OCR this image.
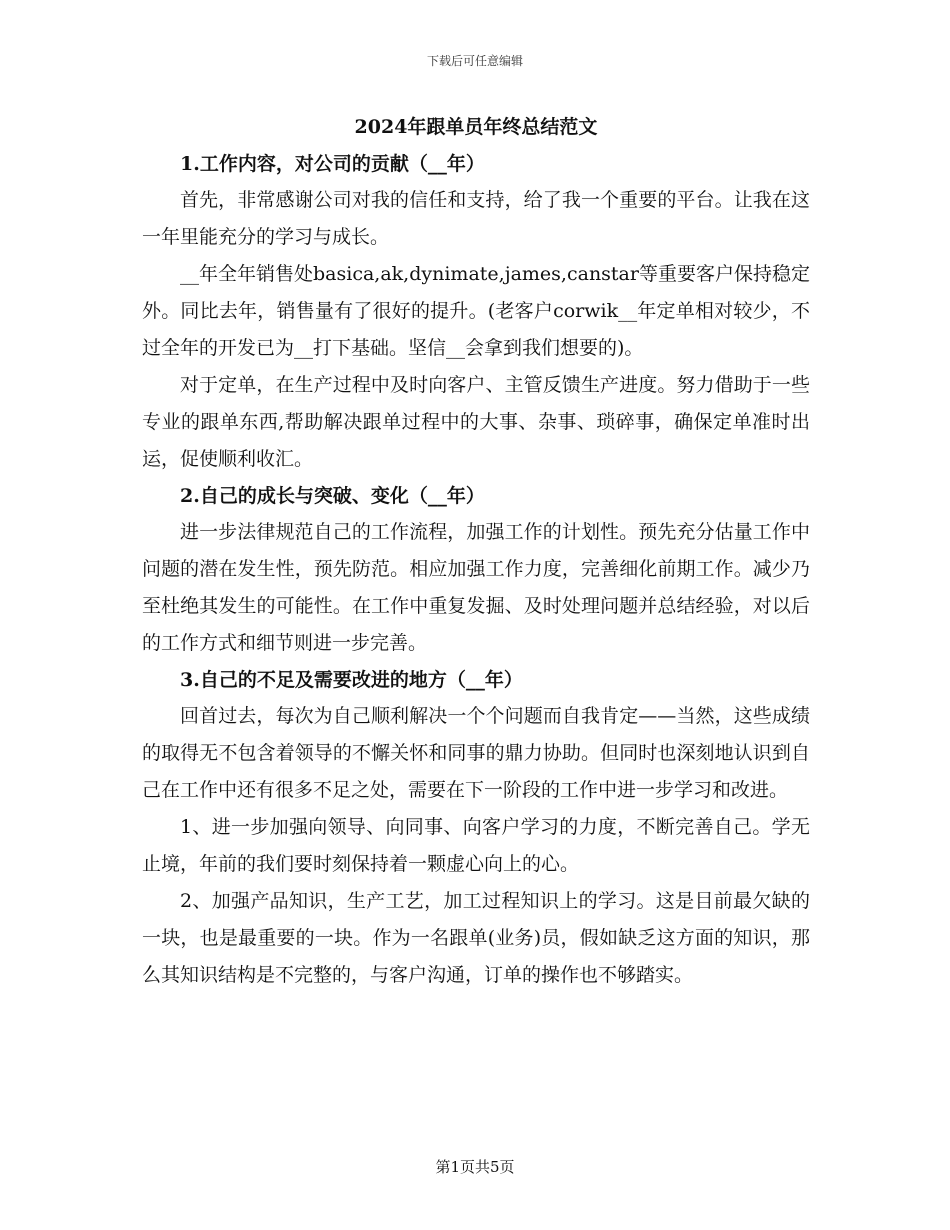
下载后可任意编辑
2024年跟单员年终总结范文
1.工作内容，对公司的贡献（__年）

首先，非常感谢公司对我的信任和支持，给了我一个重要的平台。让我在这一年里能充分的学习与成长。

__年全年销售处basica,ak,dynimate,james,canstar等重要客户保持稳定外。同比去年，销售量有了很好的提升。(老客户corwik__年定单相对较少，不过全年的开发已为__打下基础。坚信__会拿到我们想要的)。

对于定单，在生产过程中及时向客户、主管反馈生产进度。努力借助于一些专业的跟单东西,帮助解决跟单过程中的大事、杂事、琐碎事，确保定单准时出运，促使顺利收汇。

2.自己的成长与突破、变化（__年）

进一步法律规范自己的工作流程，加强工作的计划性。预先充分估量工作中问题的潜在发生性，预先防范。相应加强工作力度，完善细化前期工作。减少乃至杜绝其发生的可能性。在工作中重复发掘、及时处理问题并总结经验，对以后的工作方式和细节则进一步完善。

3.自己的不足及需要改进的地方（__年）

回首过去，每次为自己顺利解决一个个问题而自我肯定——当然，这些成绩的取得无不包含着领导的不懈关怀和同事的鼎力协助。但同时也深刻地认识到自己在工作中还有很多不足之处，需要在下一阶段的工作中进一步学习和改进。

1、进一步加强向领导、向同事、向客户学习的力度，不断完善自己。学无止境，年前的我们要时刻保持着一颗虚心向上的心。

2、加强产品知识，生产工艺，加工过程知识上的学习。这是目前最欠缺的一块，也是最重要的一块。作为一名跟单(业务)员，假如缺乏这方面的知识，那么其知识结构是不完整的，与客户沟通，订单的操作也不够踏实。

第1页共5页
